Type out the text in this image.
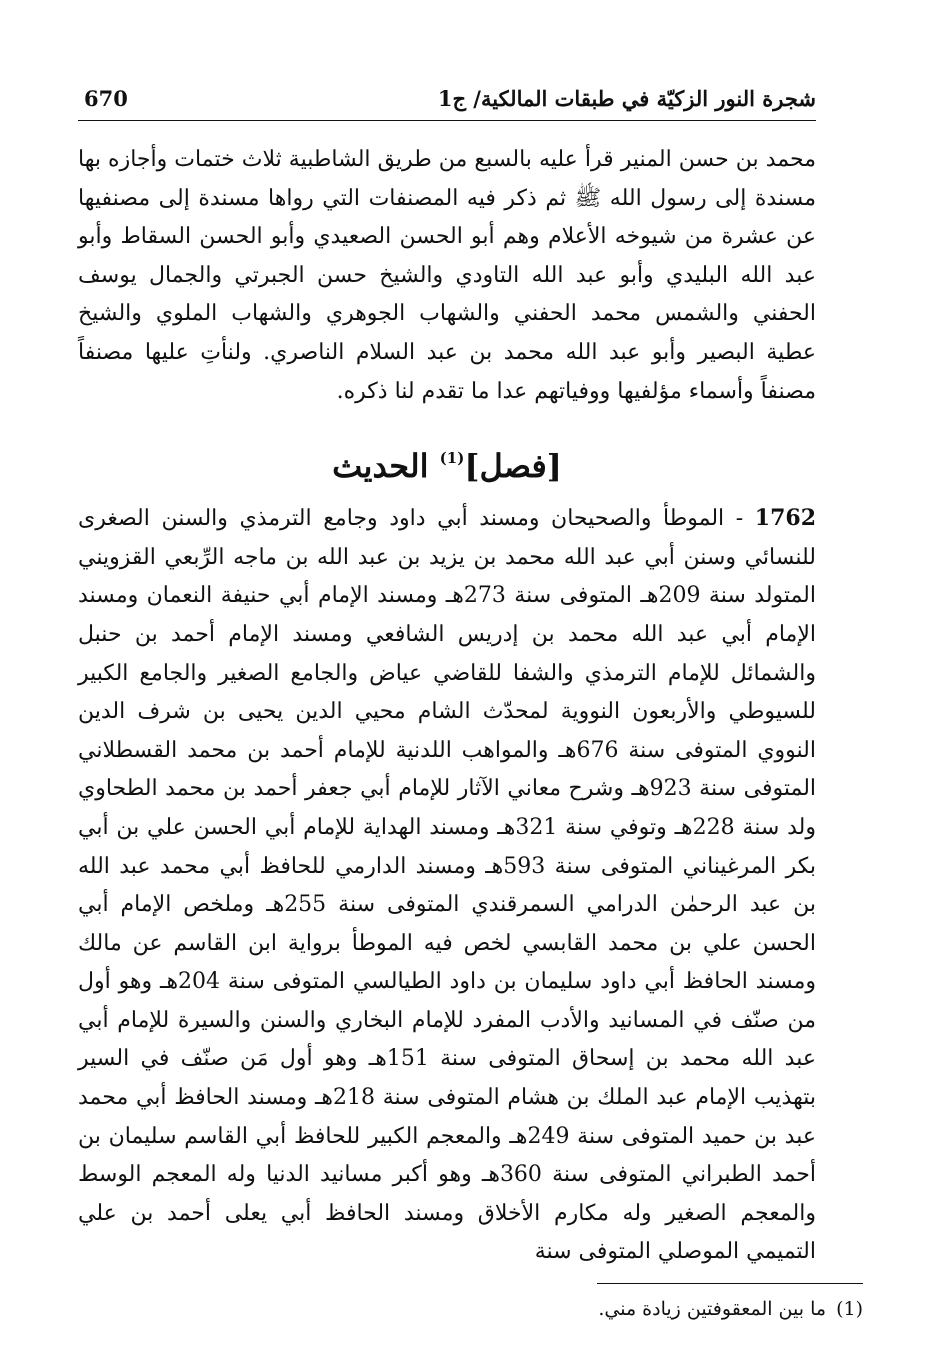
شجرة النور الزكيّة في طبقات المالكية/ ج1
670

محمد بن حسن المنير قرأ عليه بالسبع من طريق الشاطبية ثلاث ختمات وأجازه بها مسندة إلى رسول الله ﷺ ثم ذكر فيه المصنفات التي رواها مسندة إلى مصنفيها عن عشرة من شيوخه الأعلام وهم أبو الحسن الصعيدي وأبو الحسن السقاط وأبو عبد الله البليدي وأبو عبد الله التاودي والشيخ حسن الجبرتي والجمال يوسف الحفني والشمس محمد الحفني والشهاب الجوهري والشهاب الملوي والشيخ عطية البصير وأبو عبد الله محمد بن عبد السلام الناصري. ولنأتِ عليها مصنفاً مصنفاً وأسماء مؤلفيها ووفياتهم عدا ما تقدم لنا ذكره.

[فصل]$^{(1)}$ الحديث

1762 - الموطأ والصحيحان ومسند أبي داود وجامع الترمذي والسنن الصغرى للنسائي وسنن أبي عبد الله محمد بن يزيد بن عبد الله بن ماجه الرِّبعي القزويني المتولد سنة 209هـ المتوفى سنة 273هـ ومسند الإمام أبي حنيفة النعمان ومسند الإمام أبي عبد الله محمد بن إدريس الشافعي ومسند الإمام أحمد بن حنبل والشمائل للإمام الترمذي والشفا للقاضي عياض والجامع الصغير والجامع الكبير للسيوطي والأربعون النووية لمحدّث الشام محيي الدين يحيى بن شرف الدين النووي المتوفى سنة 676هـ والمواهب اللدنية للإمام أحمد بن محمد القسطلاني المتوفى سنة 923هـ وشرح معاني الآثار للإمام أبي جعفر أحمد بن محمد الطحاوي ولد سنة 228هـ وتوفي سنة 321هـ ومسند الهداية للإمام أبي الحسن علي بن أبي بكر المرغيناني المتوفى سنة 593هـ ومسند الدارمي للحافظ أبي محمد عبد الله بن عبد الرحمٰن الدرامي السمرقندي المتوفى سنة 255هـ وملخص الإمام أبي الحسن علي بن محمد القابسي لخص فيه الموطأ برواية ابن القاسم عن مالك ومسند الحافظ أبي داود سليمان بن داود الطيالسي المتوفى سنة 204هـ وهو أول من صنّف في المسانيد والأدب المفرد للإمام البخاري والسنن والسيرة للإمام أبي عبد الله محمد بن إسحاق المتوفى سنة 151هـ وهو أول مَن صنّف في السير بتهذيب الإمام عبد الملك بن هشام المتوفى سنة 218هـ ومسند الحافظ أبي محمد عبد بن حميد المتوفى سنة 249هـ والمعجم الكبير للحافظ أبي القاسم سليمان بن أحمد الطبراني المتوفى سنة 360هـ وهو أكبر مسانيد الدنيا وله المعجم الوسط والمعجم الصغير وله مكارم الأخلاق ومسند الحافظ أبي يعلى أحمد بن علي التميمي الموصلي المتوفى سنة

(1)ما بين المعقوفتين زيادة مني.
